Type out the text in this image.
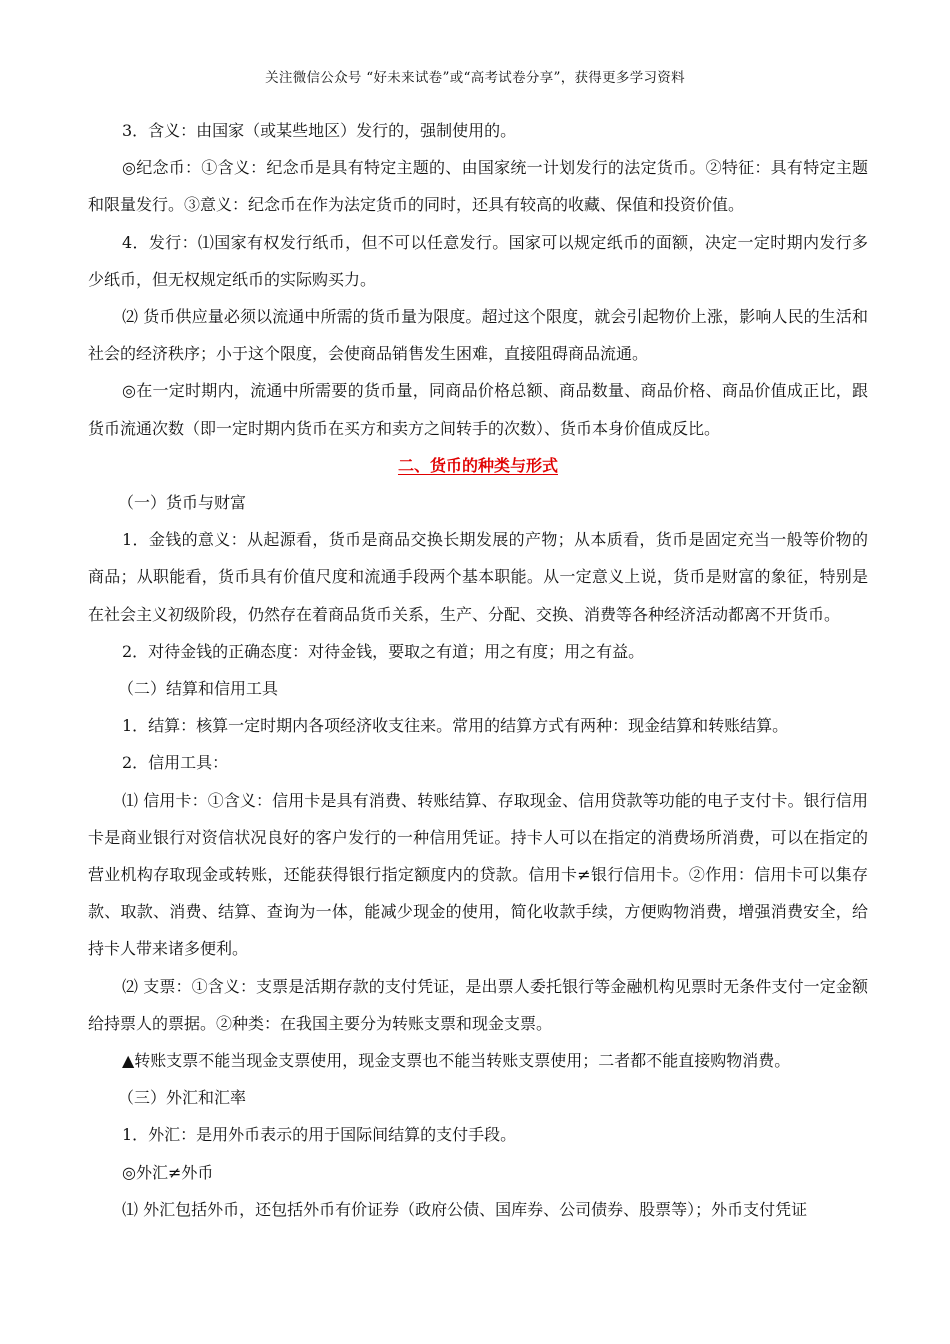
关注微信公众号 “好未来试卷”或“高考试卷分享”，获得更多学习资料

3．含义：由国家（或某些地区）发行的，强制使用的。

◎纪念币：①含义：纪念币是具有特定主题的、由国家统一计划发行的法定货币。②特征：具有特定主题和限量发行。③意义：纪念币在作为法定货币的同时，还具有较高的收藏、保值和投资价值。

4．发行：⑴国家有权发行纸币，但不可以任意发行。国家可以规定纸币的面额，决定一定时期内发行多少纸币，但无权规定纸币的实际购买力。

⑵ 货币供应量必须以流通中所需的货币量为限度。超过这个限度，就会引起物价上涨，影响人民的生活和社会的经济秩序；小于这个限度，会使商品销售发生困难，直接阻碍商品流通。

◎在一定时期内，流通中所需要的货币量，同商品价格总额、商品数量、商品价格、商品价值成正比，跟货币流通次数（即一定时期内货币在买方和卖方之间转手的次数）、货币本身价值成反比。

二、货币的种类与形式

（一）货币与财富

1．金钱的意义：从起源看，货币是商品交换长期发展的产物；从本质看，货币是固定充当一般等价物的商品；从职能看，货币具有价值尺度和流通手段两个基本职能。从一定意义上说，货币是财富的象征，特别是在社会主义初级阶段，仍然存在着商品货币关系，生产、分配、交换、消费等各种经济活动都离不开货币。

2．对待金钱的正确态度：对待金钱，要取之有道；用之有度；用之有益。

（二）结算和信用工具

1．结算：核算一定时期内各项经济收支往来。常用的结算方式有两种：现金结算和转账结算。

2．信用工具：

⑴ 信用卡：①含义：信用卡是具有消费、转账结算、存取现金、信用贷款等功能的电子支付卡。银行信用卡是商业银行对资信状况良好的客户发行的一种信用凭证。持卡人可以在指定的消费场所消费，可以在指定的营业机构存取现金或转账，还能获得银行指定额度内的贷款。信用卡≠银行信用卡。②作用：信用卡可以集存款、取款、消费、结算、查询为一体，能减少现金的使用，简化收款手续，方便购物消费，增强消费安全，给持卡人带来诸多便利。

⑵ 支票：①含义：支票是活期存款的支付凭证，是出票人委托银行等金融机构见票时无条件支付一定金额给持票人的票据。②种类：在我国主要分为转账支票和现金支票。

▲转账支票不能当现金支票使用，现金支票也不能当转账支票使用；二者都不能直接购物消费。

（三）外汇和汇率

1．外汇：是用外币表示的用于国际间结算的支付手段。

◎外汇≠外币

⑴ 外汇包括外币，还包括外币有价证券（政府公债、国库券、公司债券、股票等）；外币支付凭证
